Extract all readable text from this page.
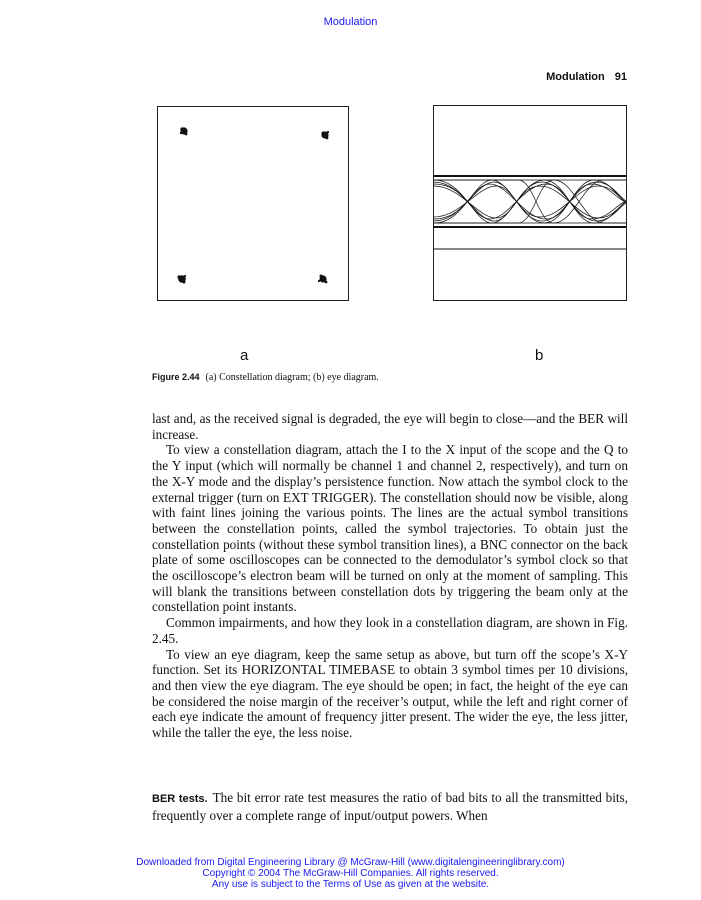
Modulation
Modulation 91
a	b
Figure 2.44 (a) Constellation diagram; (b) eye diagram.

last and, as the received signal is degraded, the eye will begin to close—and the BER will increase.

To view a constellation diagram, attach the I to the X input of the scope and the Q to the Y input (which will normally be channel 1 and channel 2, respectively), and turn on the X-Y mode and the display’s persistence function. Now attach the symbol clock to the external trigger (turn on EXT TRIGGER). The constellation should now be visible, along with faint lines joining the various points. The lines are the actual symbol transitions between the constellation points, called the symbol trajectories. To obtain just the constellation points (without these symbol transition lines), a BNC connector on the back plate of some oscilloscopes can be connected to the demodulator’s symbol clock so that the oscilloscope’s electron beam will be turned on only at the moment of sampling. This will blank the transitions between constellation dots by triggering the beam only at the constellation point instants.

Common impairments, and how they look in a constellation diagram, are shown in Fig. 2.45.

To view an eye diagram, keep the same setup as above, but turn off the scope’s X-Y function. Set its HORIZONTAL TIMEBASE to obtain 3 symbol times per 10 divisions, and then view the eye diagram. The eye should be open; in fact, the height of the eye can be considered the noise margin of the receiver’s output, while the left and right corner of each eye indicate the amount of frequency jitter present. The wider the eye, the less jitter, while the taller the eye, the less noise.

BER tests. The bit error rate test measures the ratio of bad bits to all the transmitted bits, frequently over a complete range of input/output powers. When
Downloaded from Digital Engineering Library @ McGraw-Hill (www.digitalengineeringlibrary.com)
Copyright © 2004 The McGraw-Hill Companies. All rights reserved.
Any use is subject to the Terms of Use as given at the website.
